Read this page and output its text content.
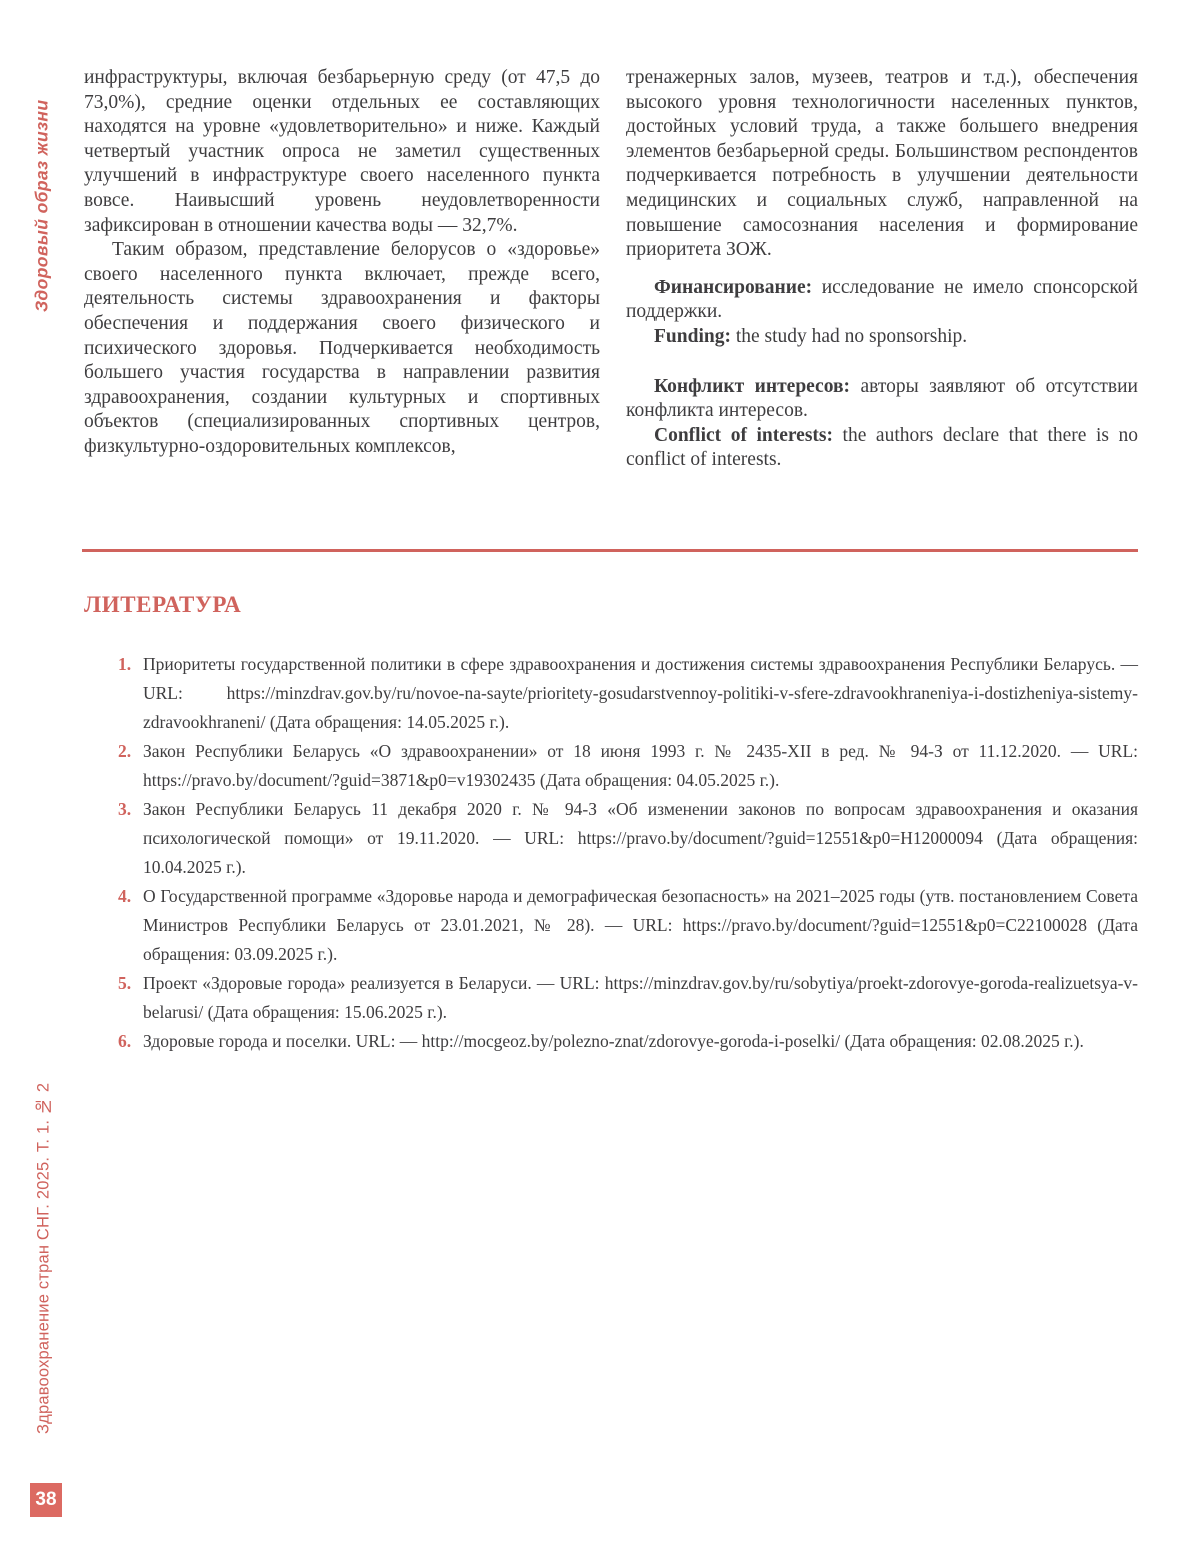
Здоровый образ жизни
Здравоохранение стран СНГ. 2025. Т. 1. № 2

инфраструктуры, включая безбарьерную среду (от 47,5 до 73,0%), средние оценки отдельных ее составляющих находятся на уровне «удовлетворительно» и ниже. Каждый четвертый участник опроса не заметил существенных улучшений в инфраструктуре своего населенного пункта вовсе. Наивысший уровень неудовлетворенности зафиксирован в отношении качества воды — 32,7%.

Таким образом, представление белорусов о «здоровье» своего населенного пункта включает, прежде всего, деятельность системы здравоохранения и факторы обеспечения и поддержания своего физического и психического здоровья. Подчеркивается необходимость большего участия государства в направлении развития здравоохранения, создании культурных и спортивных объектов (специализированных спортивных центров, физкультурно-оздоровительных комплексов,

тренажерных залов, музеев, театров и т.д.), обеспечения высокого уровня технологичности населенных пунктов, достойных условий труда, а также большего внедрения элементов безбарьерной среды. Большинством респондентов подчеркивается потребность в улучшении деятельности медицинских и социальных служб, направленной на повышение самосознания населения и формирование приоритета ЗОЖ.

Финансирование: исследование не имело спонсорской поддержки.

Funding: the study had no sponsorship.

Конфликт интересов: авторы заявляют об отсутствии конфликта интересов.

Conflict of interests: the authors declare that there is no conflict of interests.

ЛИТЕРАТУРА
1. Приоритеты государственной политики в сфере здравоохранения и достижения системы здравоохранения Республики Беларусь. — URL: https://minzdrav.gov.by/ru/novoe-na-sayte/prioritety-gosudarstvennoy-politiki-v-sfere-zdravookhraneniya-i-dostizheniya-sistemy-zdravookhraneni/ (Дата обращения: 14.05.2025 г.).
2. Закон Республики Беларусь «О здравоохранении» от 18 июня 1993 г. № 2435-XII в ред. № 94-З от 11.12.2020. — URL: https://pravo.by/document/?guid=3871&p0=v19302435 (Дата обращения: 04.05.2025 г.).
3. Закон Республики Беларусь 11 декабря 2020 г. № 94-З «Об изменении законов по вопросам здравоохранения и оказания психологической помощи» от 19.11.2020. — URL: https://pravo.by/document/?guid=12551&p0=H12000094 (Дата обращения: 10.04.2025 г.).
4. О Государственной программе «Здоровье народа и демографическая безопасность» на 2021–2025 годы (утв. постановлением Совета Министров Республики Беларусь от 23.01.2021, № 28). — URL: https://pravo.by/document/?guid=12551&p0=C22100028 (Дата обращения: 03.09.2025 г.).
5. Проект «Здоровые города» реализуется в Беларуси. — URL: https://minzdrav.gov.by/ru/sobytiya/proekt-zdorovye-goroda-realizuetsya-v-belarusi/ (Дата обращения: 15.06.2025 г.).
6. Здоровые города и поселки. URL: — http://mocgeoz.by/polezno-znat/zdorovye-goroda-i-poselki/ (Дата обращения: 02.08.2025 г.).
38
